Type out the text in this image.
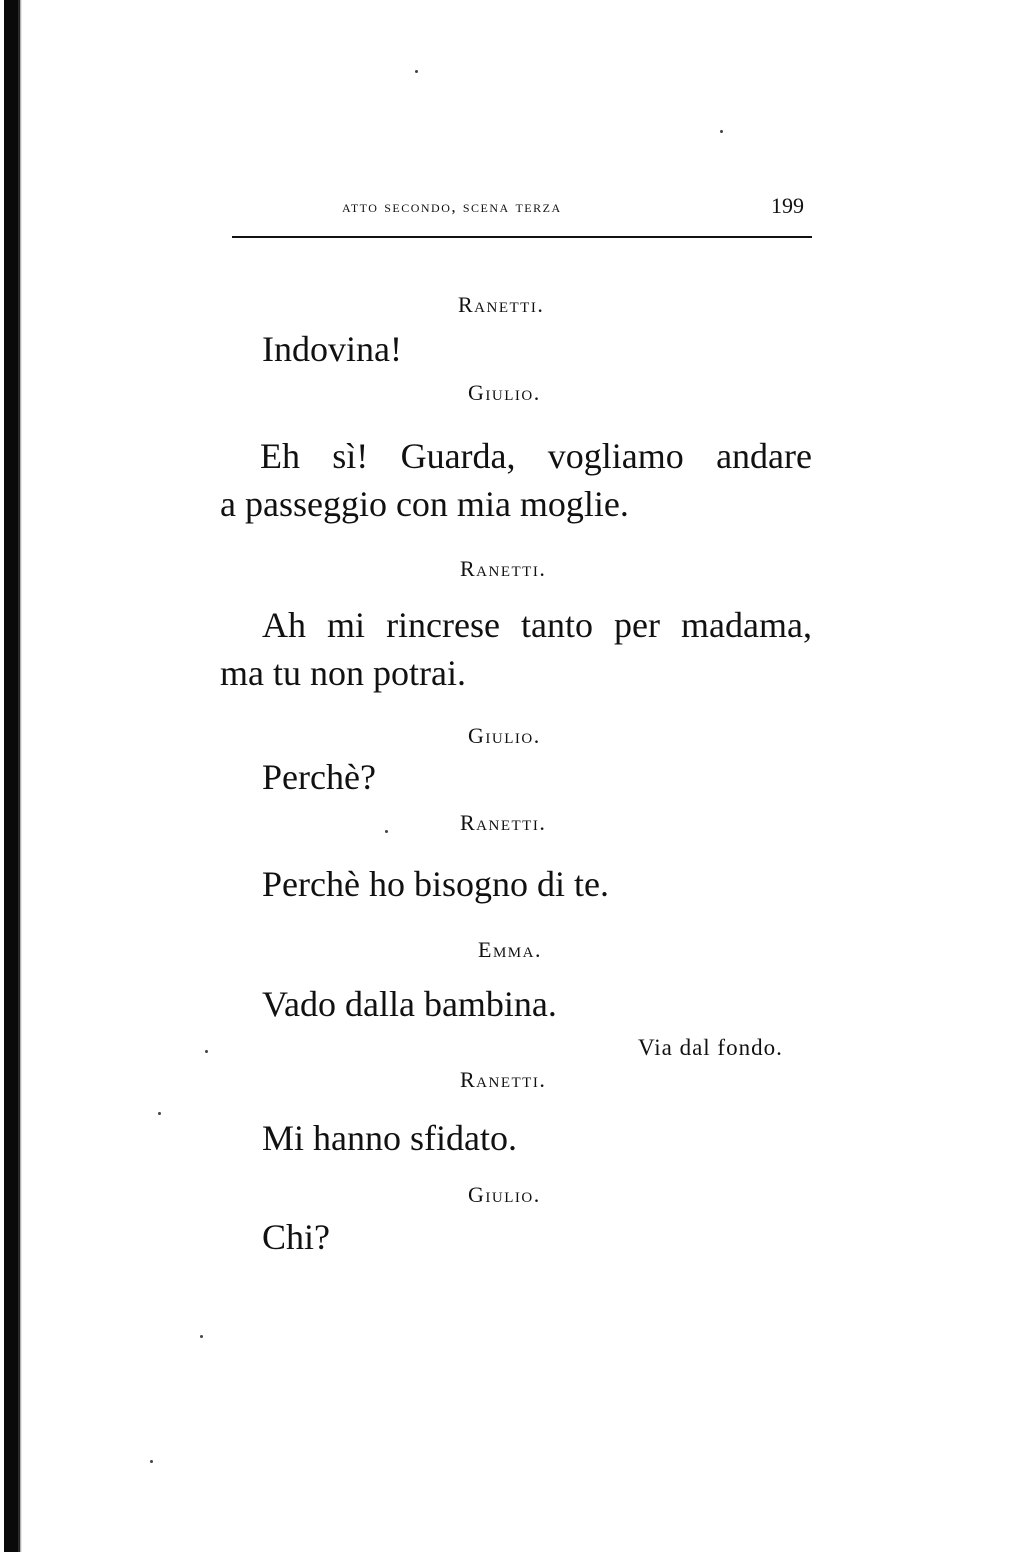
atto secondo, scena terza	199
Ranetti.
Indovina!
Giulio.
Eh sì! Guarda, vogliamo andare
a passeggio con mia moglie.
Ranetti.
Ah mi rincrese tanto per madama,
ma tu non potrai.
Giulio.
Perchè?
Ranetti.
Perchè ho bisogno di te.
Emma.
Vado dalla bambina.
Via dal fondo.
Ranetti.
Mi hanno sfidato.
Giulio.
Chi?
